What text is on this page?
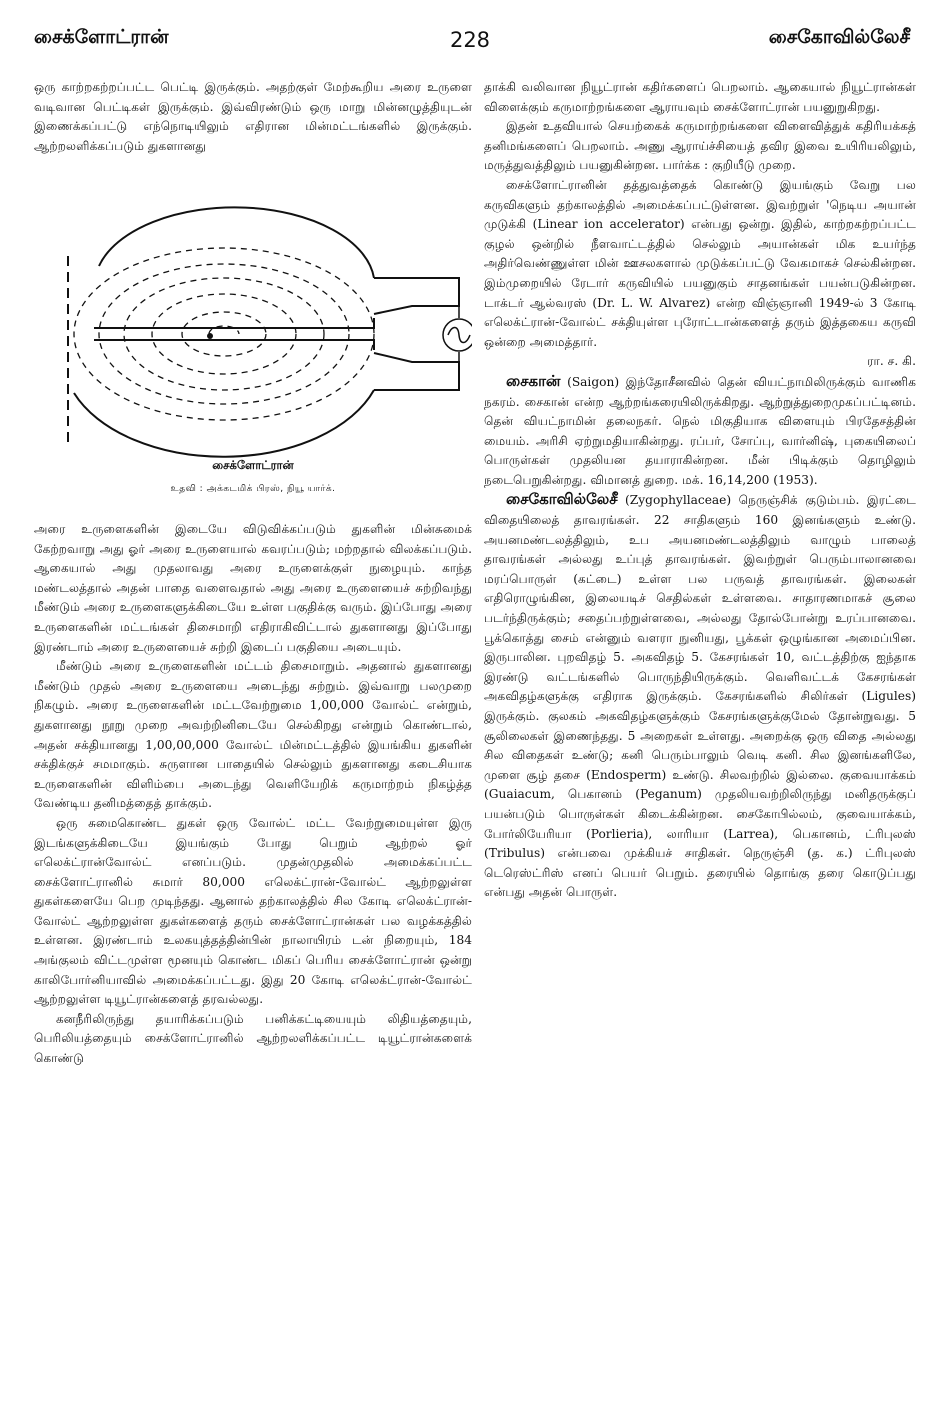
சைக்ளோட்ரான்	228	சைகோவில்லேசீ

ஒரு காற்றகற்றப்பட்ட பெட்டி இருக்கும். அதற்குள் மேற்கூறிய அரை உருளை வடிவான பெட்டிகள் இருக்கும். இவ்விரண்டும் ஒரு மாறு மின்னழுத்தியுடன் இணைக்கப்பட்டு எந்நொடியிலும் எதிரான மின்மட்டங்களில் இருக்கும். ஆற்றலளிக்கப்படும் துகளானது

சைக்ளோட்ரான்
உதவி : அக்கடமிக் பிரஸ், நியூ யார்க்.

அரை உருளைகளின் இடையே விடுவிக்கப்படும் துகளின் மின்சுமைக் கேற்றவாறு அது ஓர் அரை உருளையால் கவரப்படும்; மற்றதால் விலக்கப்படும். ஆகையால் அது முதலாவது அரை உருளைக்குள் நுழையும். காந்த மண்டலத்தால் அதன் பாதை வளைவதால் அது அரை உருளையைச் சுற்றிவந்து மீண்டும் அரை உருளைகளுக்கிடையே உள்ள பகுதிக்கு வரும். இப்போது அரை உருளைகளின் மட்டங்கள் திசைமாறி எதிராகிவிட்டால் துகளானது இப்போது இரண்டாம் அரை உருளையைச் சுற்றி இடைப் பகுதியை அடையும்.

மீண்டும் அரை உருளைகளின் மட்டம் திசைமாறும். அதனால் துகளானது மீண்டும் முதல் அரை உருளையை அடைந்து சுற்றும். இவ்வாறு பலமுறை நிகழும். அரை உருளைகளின் மட்டவேற்றுமை 1,00,000 வோல்ட் என்றும், துகளானது நூறு முறை அவற்றினிடையே செல்கிறது என்றும் கொண்டால், அதன் சக்தியானது 1,00,00,000 வோல்ட் மின்மட்டத்தில் இயங்கிய துகளின் சக்திக்குச் சமமாகும். சுருளான பாதையில் செல்லும் துகளானது கடைசியாக உருளைகளின் விளிம்பை அடைந்து வெளியேறிக் கருமாற்றம் நிகழ்த்த வேண்டிய தனிமத்தைத் தாக்கும்.

ஒரு சுமைகொண்ட துகள் ஒரு வோல்ட் மட்ட வேற்றுமையுள்ள இரு இடங்களுக்கிடையே இயங்கும் போது பெறும் ஆற்றல் ஓர் எலெக்ட்ரான்வோல்ட் எனப்படும். முதன்முதலில் அமைக்கப்பட்ட சைக்ளோட்ரானில் சுமார் 80,000 எலெக்ட்ரான்-வோல்ட் ஆற்றலுள்ள துகள்களையே பெற முடிந்தது. ஆனால் தற்காலத்தில் சில கோடி எலெக்ட்ரான்-வோல்ட் ஆற்றலுள்ள துகள்களைத் தரும் சைக்ளோட்ரான்கள் பல வழக்கத்தில் உள்ளன. இரண்டாம் உலகயுத்தத்தின்பின் நாலாயிரம் டன் நிறையும், 184 அங்குலம் விட்டமுள்ள மூனயும் கொண்ட மிகப் பெரிய சைக்ளோட்ரான் ஒன்று காலிபோர்னியாவில் அமைக்கப்பட்டது. இது 20 கோடி எலெக்ட்ரான்-வோல்ட் ஆற்றலுள்ள டியூட்ரான்களைத் தரவல்லது.

கனநீரிலிருந்து தயாரிக்கப்படும் பனிக்கட்டியையும் லிதியத்தையும், பெரிலியத்தையும் சைக்ளோட்ரானில் ஆற்றலளிக்கப்பட்ட டியூட்ரான்களைக் கொண்டு

தாக்கி வலிவான நியூட்ரான் கதிர்களைப் பெறலாம். ஆகையால் நியூட்ரான்கள் விளைக்கும் கருமாற்றங்களை ஆராயவும் சைக்ளோட்ரான் பயனுறுகிறது.

இதன் உதவியால் செயற்கைக் கருமாற்றங்களை விளைவித்துக் கதிரியக்கத் தனிமங்களைப் பெறலாம். அணு ஆராய்ச்சியைத் தவிர இவை உயிரியலிலும், மருத்துவத்திலும் பயனுகின்றன. பார்க்க : குறியீடு முறை.

சைக்ளோட்ரானின் தத்துவத்தைக் கொண்டு இயங்கும் வேறு பல கருவிகளும் தற்காலத்தில் அமைக்கப்பட்டுள்ளன. இவற்றுள் 'நெடிய அயான் முடுக்கி (Linear ion accelerator) என்பது ஒன்று. இதில், காற்றகற்றப்பட்ட குழல் ஒன்றில் நீளவாட்டத்தில் செல்லும் அயான்கள் மிக உயர்ந்த அதிர்வெண்ணுள்ள மின் ஊசலகளால் முடுக்கப்பட்டு வேகமாகச் செல்கின்றன. இம்முறையில் ரேடார் கருவியில் பயனுகும் சாதனங்கள் பயன்படுகின்றன. டாக்டர் ஆல்வரஸ் (Dr. L. W. Alvarez) என்ற விஞ்ஞானி 1949-ல் 3 கோடி எலெக்ட்ரான்-வோல்ட் சக்தியுள்ள புரோட்டான்களைத் தரும் இத்தகைய கருவி ஒன்றை அமைத்தார்.

ரா. ச. கி.

சைகான் (Saigon) இந்தோசீனவில் தென் வியட்நாமிலிருக்கும் வாணிக நகரம். சைகான் என்ற ஆற்றங்கரையிலிருக்கிறது. ஆற்றுத்துறைமுகப்பட்டினம். தென் வியட்நாமின் தலைநகர். நெல் மிகுதியாக விளையும் பிரதேசத்தின் மையம். அரிசி ஏற்றுமதியாகின்றது. ரப்பர், சோப்பு, வார்னிஷ், புகையிலைப் பொருள்கள் முதலியன தயாராகின்றன. மீன் பிடிக்கும் தொழிலும் நடைபெறுகின்றது. விமானத் துறை. மக். 16,14,200 (1953).

சைகோவில்லேசீ (Zygophyllaceae) நெருஞ்சிக் குடும்பம். இரட்டை விதையிலைத் தாவரங்கள். 22 சாதிகளும் 160 இனங்களும் உண்டு. அயனமண்டலத்திலும், உப அயனமண்டலத்திலும் வாழும் பாலைத் தாவரங்கள் அல்லது உப்புத் தாவரங்கள். இவற்றுள் பெரும்பாலானவை மரப்பொருள் (கட்டை) உள்ள பல பருவத் தாவரங்கள். இலைகள் எதிரொழுங்கின, இலையடிச் செதில்கள் உள்ளவை. சாதாரணமாகச் சூலை படர்ந்திருக்கும்; சதைப்பற்றுள்ளவை, அல்லது தோல்போன்று உரப்பானவை. பூக்கொத்து சைம் என்னும் வளரா நுனியது, பூக்கள் ஒழுங்கான அமைப்பின. இருபாலின. புறவிதழ் 5. அகவிதழ் 5. கேசரங்கள் 10, வட்டத்திற்கு ஐந்தாக இரண்டு வட்டங்களில் பொருந்தியிருக்கும். வெளிவட்டக் கேசரங்கள் அகவிதழ்களுக்கு எதிராக இருக்கும். கேசரங்களில் சிலிர்கள் (Ligules) இருக்கும். குலகம் அகவிதழ்களுக்கும் கேசரங்களுக்குமேல் தோன்றுவது. 5 சூலிலைகள் இணைந்தது. 5 அறைகள் உள்ளது. அறைக்கு ஒரு விதை அல்லது சில விதைகள் உண்டு; கனி பெரும்பாலும் வெடி கனி. சில இனங்களிலே, முளை சூழ் தசை (Endosperm) உண்டு. சிலவற்றில் இல்லை. குவையாக்கம் (Guaiacum, பெகானம் (Peganum) முதலியவற்றிலிருந்து மனிதருக்குப் பயன்படும் பொருள்கள் கிடைக்கின்றன. சைகோபில்லம், குவையாக்கம், போர்லியேரியா (Porlieria), லாரியா (Larrea), பெகானம், ட்ரிபுலஸ் (Tribulus) என்பவை முக்கியச் சாதிகள். நெருஞ்சி (த. க.) ட்ரிபுலஸ் டெரெஸ்ட்ரிஸ் எனப் பெயர் பெறும். தரையில் தொங்கு தரை கொடுப்பது என்பது அதன் பொருள்.
